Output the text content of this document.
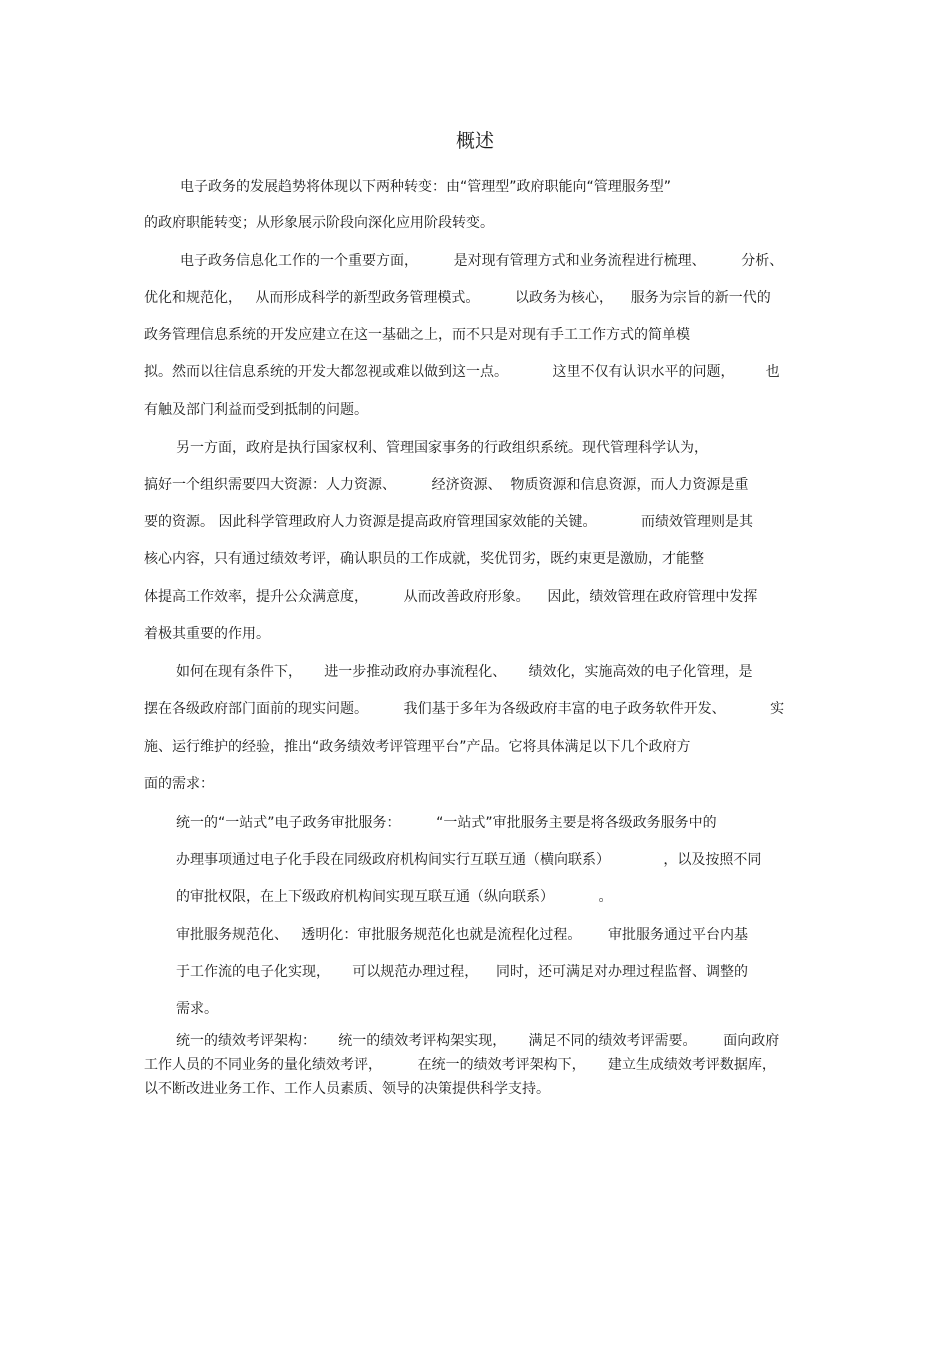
概述
电子政务的发展趋势将体现以下两种转变：由“管理型”政府职能向“管理服务型”
的政府职能转变；从形象展示阶段向深化应用阶段转变。
电子政务信息化工作的一个重要方面，        是对现有管理方式和业务流程进行梳理、        分析、
优化和规范化，   从而形成科学的新型政务管理模式。        以政务为核心，    服务为宗旨的新一代的
政务管理信息系统的开发应建立在这一基础之上，而不只是对现有手工工作方式的简单模
拟。然而以往信息系统的开发大都忽视或难以做到这一点。          这里不仅有认识水平的问题，       也
有触及部门利益而受到抵制的问题。
另一方面，政府是执行国家权利、管理国家事务的行政组织系统。现代管理科学认为，
搞好一个组织需要四大资源：人力资源、        经济资源、  物质资源和信息资源，而人力资源是重
要的资源。 因此科学管理政府人力资源是提高政府管理国家效能的关键。          而绩效管理则是其
核心内容，只有通过绩效考评，确认职员的工作成就，奖优罚劣，既约束更是激励，才能整
体提高工作效率，提升公众满意度，        从而改善政府形象。    因此，绩效管理在政府管理中发挥
着极其重要的作用。
如何在现有条件下，     进一步推动政府办事流程化、     绩效化，实施高效的电子化管理，是
摆在各级政府部门面前的现实问题。        我们基于多年为各级政府丰富的电子政务软件开发、          实
施、运行维护的经验，推出“政务绩效考评管理平台”产品。它将具体满足以下几个政府方
面的需求：
统一的“一站式”电子政务审批服务：        “一站式”审批服务主要是将各级政务服务中的
办理事项通过电子化手段在同级政府机构间实行互联互通（横向联系）            ，以及按照不同
的审批权限，在上下级政府机构间实现互联互通（纵向联系）          。
审批服务规范化、   透明化：审批服务规范化也就是流程化过程。      审批服务通过平台内基
于工作流的电子化实现，     可以规范办理过程，    同时，还可满足对办理过程监督、调整的
需求。
统一的绩效考评架构：     统一的绩效考评构架实现，     满足不同的绩效考评需要。      面向政府
工作人员的不同业务的量化绩效考评，        在统一的绩效考评架构下，     建立生成绩效考评数据库，
以不断改进业务工作、工作人员素质、领导的决策提供科学支持。
